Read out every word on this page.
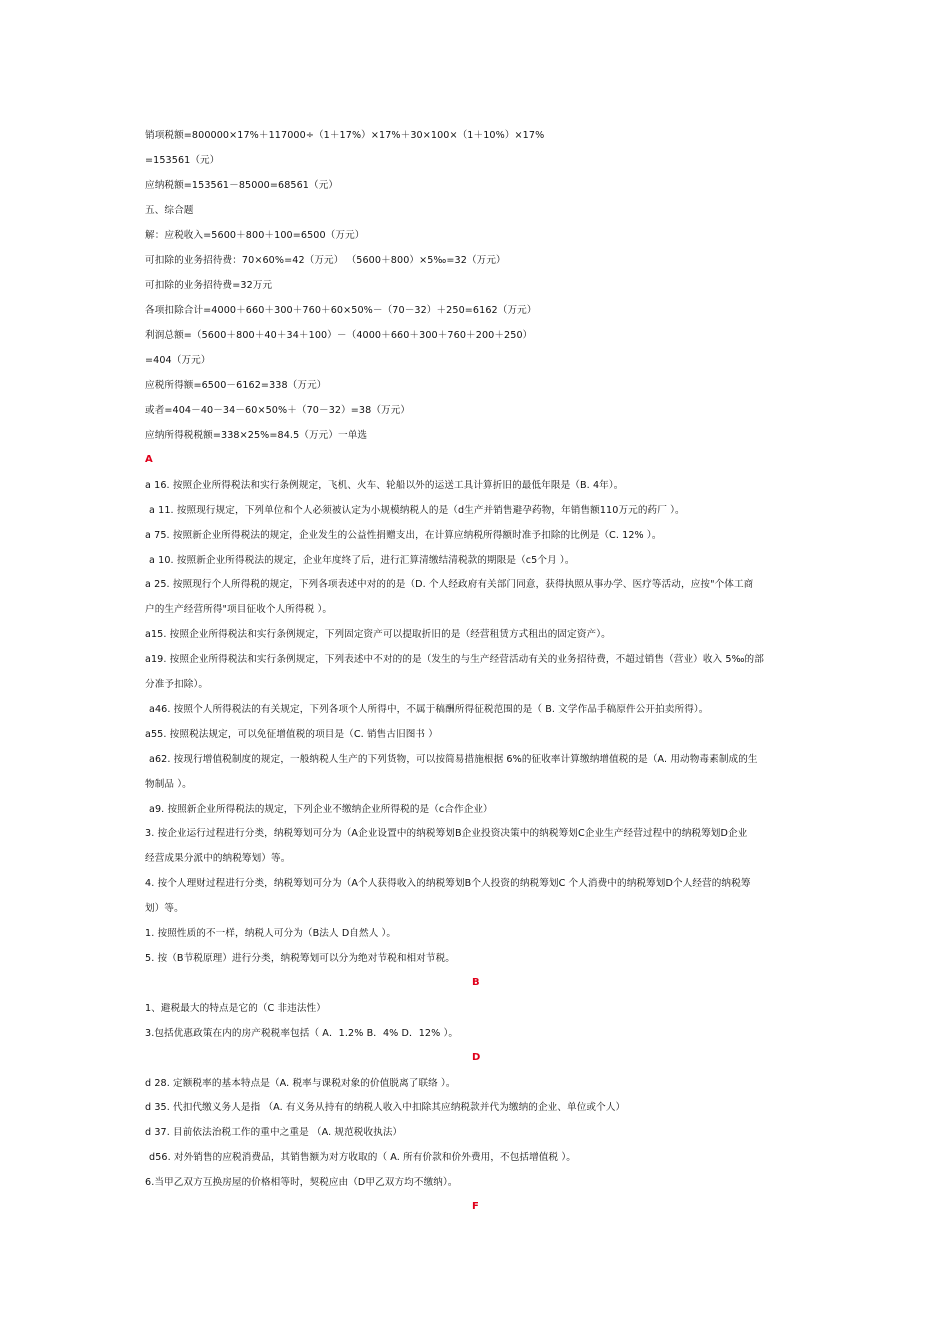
销项税额=800000×17%＋117000÷（1＋17%）×17%＋30×100×（1＋10%）×17%
=153561（元）
应纳税额=153561－85000=68561（元）
五、综合题
解：应税收入=5600＋800＋100=6500（万元）
可扣除的业务招待费：70×60%=42（万元） （5600＋800）×5‰=32（万元）
可扣除的业务招待费=32万元
各项扣除合计=4000＋660＋300＋760＋60×50%－（70－32）＋250=6162（万元）
利润总额=（5600＋800＋40＋34＋100）－（4000＋660＋300＋760＋200＋250）
=404（万元）
应税所得额=6500－6162=338（万元）
或者=404－40－34－60×50%＋（70－32）=38（万元）
应纳所得税税额=338×25%=84.5（万元）一单选
A
a 16. 按照企业所得税法和实行条例规定，飞机、火车、轮船以外的运送工具计算折旧的最低年限是（B. 4年）。
a 11. 按照现行规定，下列单位和个人必须被认定为小规模纳税人的是（d生产并销售避孕药物，年销售额110万元的药厂 ）。
a 75. 按照新企业所得税法的规定，企业发生的公益性捐赠支出，在计算应纳税所得额时准予扣除的比例是（C. 12% ）。
a 10. 按照新企业所得税法的规定，企业年度终了后，进行汇算清缴结清税款的期限是（c5个月 ）。
a 25. 按照现行个人所得税的规定，下列各项表述中对的的是（D. 个人经政府有关部门同意，获得执照从事办学、医疗等活动，应按"个体工商
户的生产经营所得"项目征收个人所得税 ）。
a15. 按照企业所得税法和实行条例规定，下列固定资产可以提取折旧的是（经营租赁方式租出的固定资产）。
a19. 按照企业所得税法和实行条例规定，下列表述中不对的的是（发生的与生产经营活动有关的业务招待费，不超过销售（营业）收入 5‰的部
分准予扣除）。
a46. 按照个人所得税法的有关规定，下列各项个人所得中，不属于稿酬所得征税范围的是（ B. 文学作品手稿原件公开拍卖所得）。
a55. 按照税法规定，可以免征增值税的项目是（C. 销售古旧图书 ）
a62. 按现行增值税制度的规定，一般纳税人生产的下列货物，可以按简易措施根据 6%的征收率计算缴纳增值税的是（A. 用动物毒素制成的生
物制品 ）。
a9. 按照新企业所得税法的规定，下列企业不缴纳企业所得税的是（c合作企业）
3. 按企业运行过程进行分类，纳税筹划可分为（A企业设置中的纳税筹划B企业投资决策中的纳税筹划C企业生产经营过程中的纳税筹划D企业
经营成果分派中的纳税筹划）等。
4. 按个人理财过程进行分类，纳税筹划可分为（A个人获得收入的纳税筹划B个人投资的纳税筹划C 个人消费中的纳税筹划D个人经营的纳税筹
划）等。
1. 按照性质的不一样，纳税人可分为（B法人 D自然人 ）。
5. 按（B节税原理）进行分类，纳税筹划可以分为绝对节税和相对节税。
B
1、避税最大的特点是它的（C 非违法性）
3.包括优惠政策在内的房产税税率包括（ A．1.2% B．4% D．12% ）。
D
d 28. 定额税率的基本特点是（A. 税率与课税对象的价值脱离了联络 ）。
d 35. 代扣代缴义务人是指 （A. 有义务从持有的纳税人收入中扣除其应纳税款并代为缴纳的企业、单位或个人）
d 37. 目前依法治税工作的重中之重是 （A. 规范税收执法）
d56. 对外销售的应税消费品，其销售额为对方收取的（ A. 所有价款和价外费用，不包括增值税 ）。
6.当甲乙双方互换房屋的价格相等时，契税应由（D甲乙双方均不缴纳）。
F
